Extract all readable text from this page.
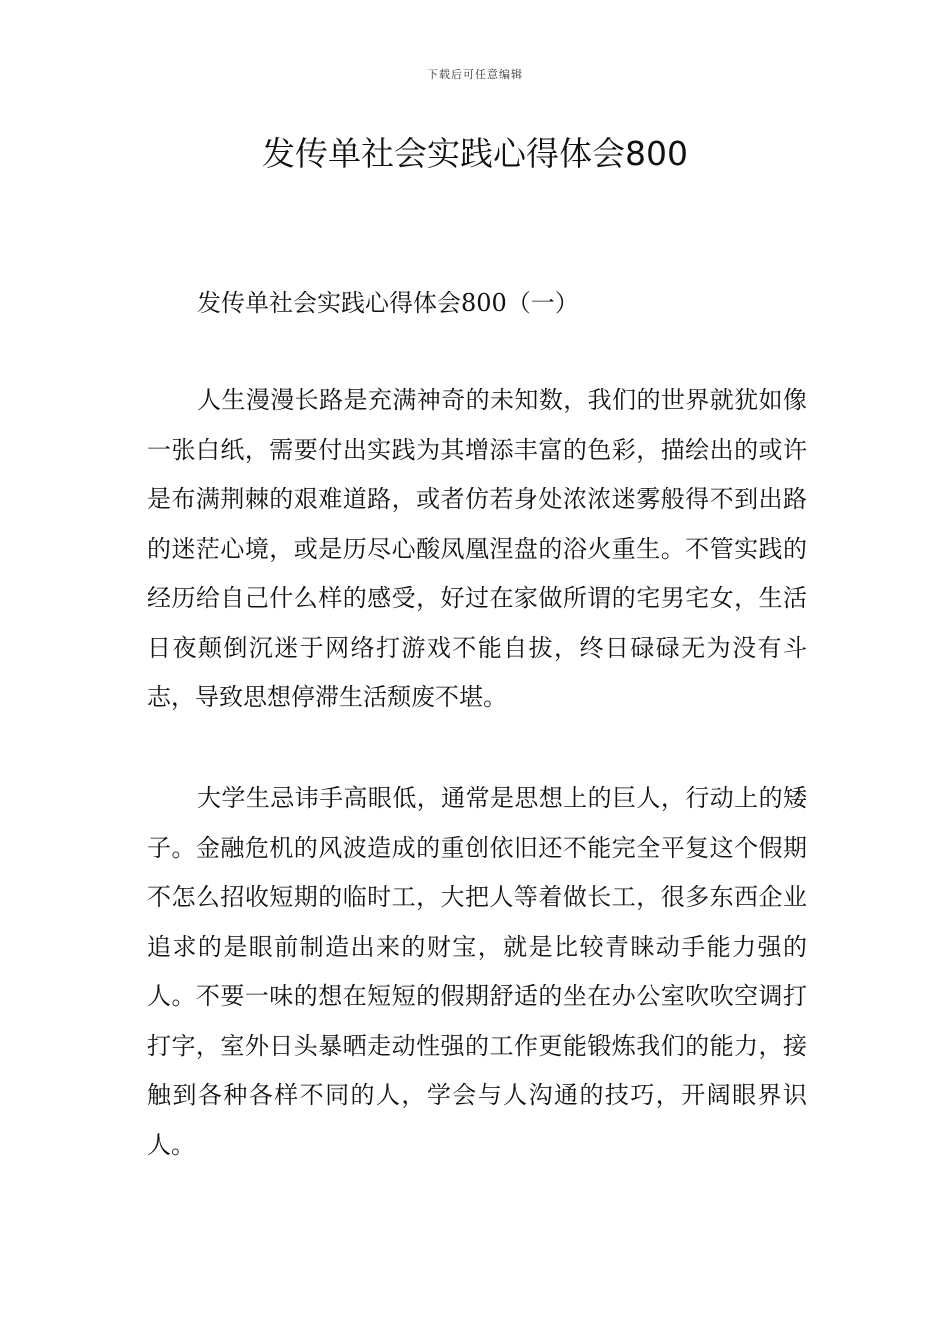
下载后可任意编辑
发传单社会实践心得体会800
发传单社会实践心得体会800（一）

人生漫漫长路是充满神奇的未知数，我们的世界就犹如像一张白纸，需要付出实践为其增添丰富的色彩，描绘出的或许是布满荆棘的艰难道路，或者仿若身处浓浓迷雾般得不到出路的迷茫心境，或是历尽心酸凤凰涅盘的浴火重生。不管实践的经历给自己什么样的感受，好过在家做所谓的宅男宅女，生活日夜颠倒沉迷于网络打游戏不能自拔，终日碌碌无为没有斗志，导致思想停滞生活颓废不堪。

大学生忌讳手高眼低，通常是思想上的巨人，行动上的矮子。金融危机的风波造成的重创依旧还不能完全平复这个假期不怎么招收短期的临时工，大把人等着做长工，很多东西企业追求的是眼前制造出来的财宝，就是比较青睐动手能力强的人。不要一味的想在短短的假期舒适的坐在办公室吹吹空调打打字，室外日头暴晒走动性强的工作更能锻炼我们的能力，接触到各种各样不同的人，学会与人沟通的技巧，开阔眼界识人。
